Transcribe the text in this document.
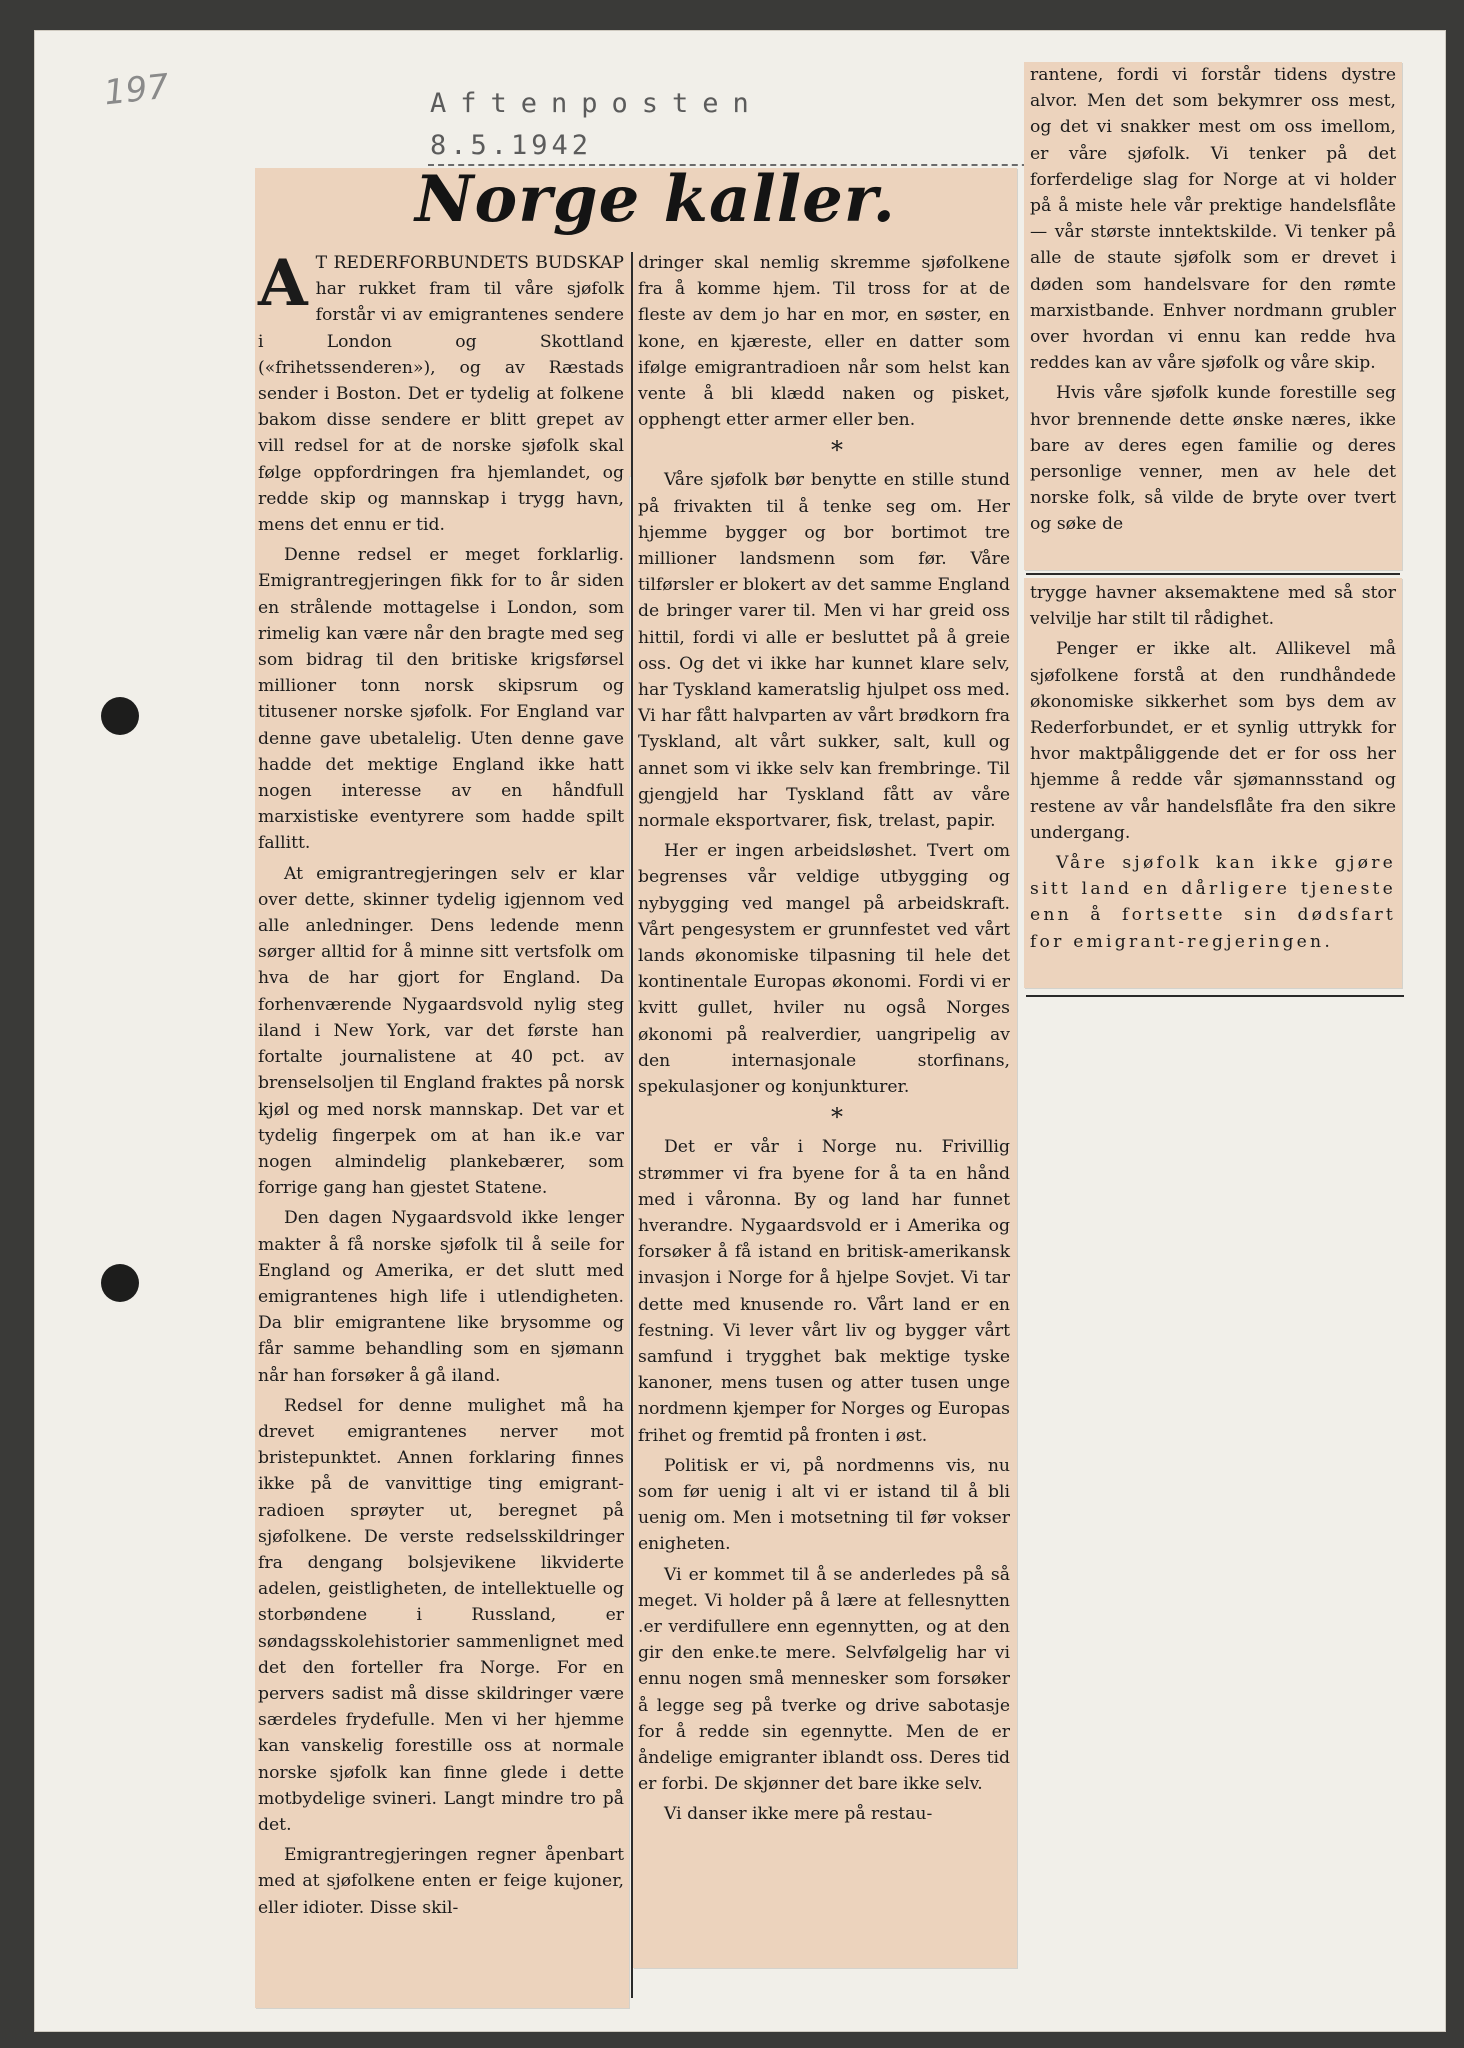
197	Aftenposten
8.5.1942
Norge kaller.

A T REDERFORBUNDETS BUDSKAP har rukket fram til våre sjøfolk forstår vi av emigrantenes sendere i London og Skottland («frihetssenderen»), og av Ræstads sender i Boston. Det er tydelig at folkene bakom disse sendere er blitt grepet av vill redsel for at de norske sjøfolk skal følge oppfordringen fra hjemlandet, og redde skip og mannskap i trygg havn, mens det ennu er tid.

Denne redsel er meget forklarlig. Emigrantregjeringen fikk for to år siden en strålende mottagelse i London, som rimelig kan være når den bragte med seg som bidrag til den britiske krigsførsel millioner tonn norsk skipsrum og titusener norske sjøfolk. For England var denne gave ubetalelig. Uten denne gave hadde det mektige England ikke hatt nogen interesse av en håndfull marxistiske eventyrere som hadde spilt fallitt.

At emigrantregjeringen selv er klar over dette, skinner tydelig igjennom ved alle anledninger. Dens ledende menn sørger alltid for å minne sitt vertsfolk om hva de har gjort for England. Da forhenværende Nygaardsvold nylig steg iland i New York, var det første han fortalte journalistene at 40 pct. av brenselsoljen til England fraktes på norsk kjøl og med norsk mannskap. Det var et tydelig fingerpek om at han ik.e var nogen almindelig plankebærer, som forrige gang han gjestet Statene.

Den dagen Nygaardsvold ikke lenger makter å få norske sjøfolk til å seile for England og Amerika, er det slutt med emigrantenes high life i utlendigheten. Da blir emigrantene like brysomme og får samme behandling som en sjømann når han forsøker å gå iland.

Redsel for denne mulighet må ha drevet emigrantenes nerver mot bristepunktet. Annen forklaring finnes ikke på de vanvittige ting emigrant-radioen sprøyter ut, beregnet på sjøfolkene. De verste redselsskildringer fra dengang bolsjevikene likviderte adelen, geistligheten, de intellektuelle og storbøndene i Russland, er søndagsskolehistorier sammenlignet med det den forteller fra Norge. For en pervers sadist må disse skildringer være særdeles frydefulle. Men vi her hjemme kan vanskelig forestille oss at normale norske sjøfolk kan finne glede i dette motbydelige svineri. Langt mindre tro på det.

Emigrantregjeringen regner åpenbart med at sjøfolkene enten er feige kujoner, eller idioter. Disse skil-

dringer skal nemlig skremme sjøfolkene fra å komme hjem. Til tross for at de fleste av dem jo har en mor, en søster, en kone, en kjæreste, eller en datter som ifølge emigrantradioen når som helst kan vente å bli klædd naken og pisket, opphengt etter armer eller ben.

*

Våre sjøfolk bør benytte en stille stund på frivakten til å tenke seg om. Her hjemme bygger og bor bortimot tre millioner landsmenn som før. Våre tilførsler er blokert av det samme England de bringer varer til. Men vi har greid oss hittil, fordi vi alle er besluttet på å greie oss. Og det vi ikke har kunnet klare selv, har Tyskland kameratslig hjulpet oss med. Vi har fått halvparten av vårt brødkorn fra Tyskland, alt vårt sukker, salt, kull og annet som vi ikke selv kan frembringe. Til gjengjeld har Tyskland fått av våre normale eksportvarer, fisk, trelast, papir.

Her er ingen arbeidsløshet. Tvert om begrenses vår veldige utbygging og nybygging ved mangel på arbeidskraft. Vårt pengesystem er grunnfestet ved vårt lands økonomiske tilpasning til hele det kontinentale Europas økonomi. Fordi vi er kvitt gullet, hviler nu også Norges økonomi på realverdier, uangripelig av den internasjonale storfinans, spekulasjoner og konjunkturer.

*

Det er vår i Norge nu. Frivillig strømmer vi fra byene for å ta en hånd med i våronna. By og land har funnet hverandre. Nygaardsvold er i Amerika og forsøker å få istand en britisk-amerikansk invasjon i Norge for å hjelpe Sovjet. Vi tar dette med knusende ro. Vårt land er en festning. Vi lever vårt liv og bygger vårt samfund i trygghet bak mektige tyske kanoner, mens tusen og atter tusen unge nordmenn kjemper for Norges og Europas frihet og fremtid på fronten i øst.

Politisk er vi, på nordmenns vis, nu som før uenig i alt vi er istand til å bli uenig om. Men i motsetning til før vokser enigheten.

Vi er kommet til å se anderledes på så meget. Vi holder på å lære at fellesnytten .er verdifullere enn egennytten, og at den gir den enke.te mere. Selvfølgelig har vi ennu nogen små mennesker som forsøker å legge seg på tverke og drive sabotasje for å redde sin egennytte. Men de er åndelige emigranter iblandt oss. Deres tid er forbi. De skjønner det bare ikke selv.

Vi danser ikke mere på restau-

rantene, fordi vi forstår tidens dystre alvor. Men det som bekymrer oss mest, og det vi snakker mest om oss imellom, er våre sjøfolk. Vi tenker på det forferdelige slag for Norge at vi holder på å miste hele vår prektige handelsflåte — vår største inntektskilde. Vi tenker på alle de staute sjøfolk som er drevet i døden som handelsvare for den rømte marxistbande. Enhver nordmann grubler over hvordan vi ennu kan redde hva reddes kan av våre sjøfolk og våre skip.

Hvis våre sjøfolk kunde forestille seg hvor brennende dette ønske næres, ikke bare av deres egen familie og deres personlige venner, men av hele det norske folk, så vilde de bryte over tvert og søke de

trygge havner aksemaktene med så stor velvilje har stilt til rådighet.

Penger er ikke alt. Allikevel må sjøfolkene forstå at den rundhåndede økonomiske sikkerhet som bys dem av Rederforbundet, er et synlig uttrykk for hvor maktpåliggende det er for oss her hjemme å redde vår sjømannsstand og restene av vår handelsflåte fra den sikre undergang.

Våre sjøfolk kan ikke gjøre sitt land en dårligere tjeneste enn å fortsette sin dødsfart for emigrant-regjeringen.
